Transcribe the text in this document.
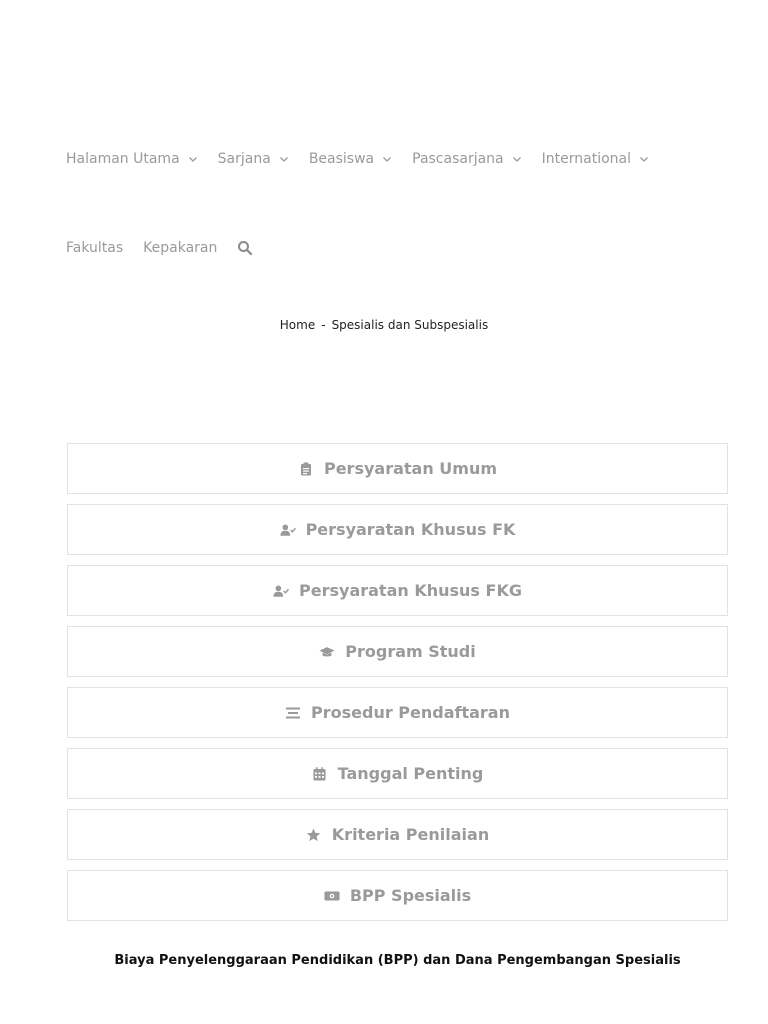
Halaman Utama	Sarjana	Beasiswa	Pascasarjana	International
Fakultas Kepakaran
Home - Spesialis dan Subspesialis
Persyaratan Umum
Persyaratan Khusus FK
Persyaratan Khusus FKG
Program Studi
Prosedur Pendaftaran
Tanggal Penting
Kriteria Penilaian
BPP Spesialis
Biaya Penyelenggaraan Pendidikan (BPP) dan Dana Pengembangan Spesialis
